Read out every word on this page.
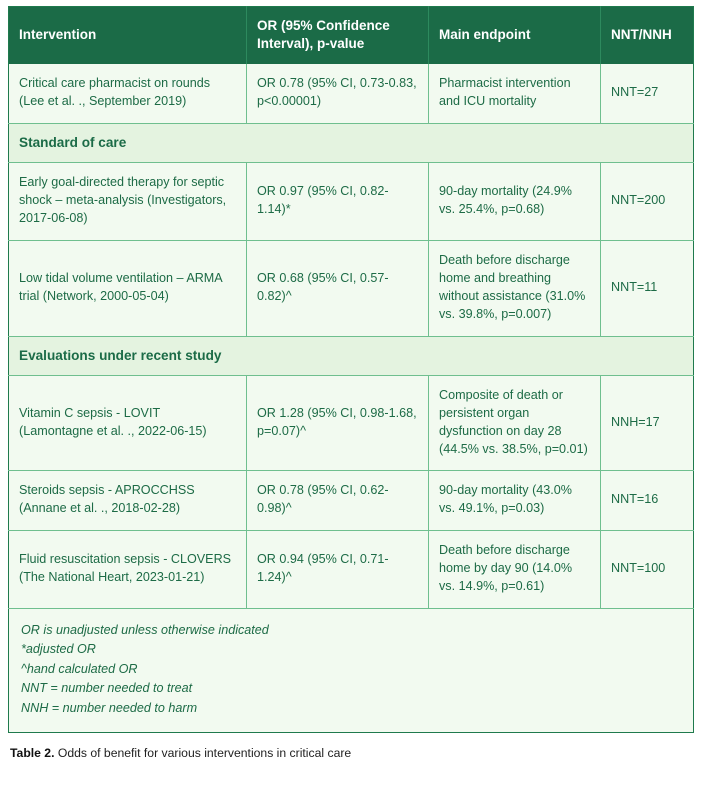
Intervention	OR (95% Confidence Interval), p-value	Main endpoint	NNT/NNH
Critical care pharmacist on rounds (Lee et al. ., September 2019)	OR 0.78 (95% CI, 0.73-0.83, p<0.00001)	Pharmacist intervention and ICU mortality	NNT=27
Standard of care			
Early goal-directed therapy for septic shock – meta-analysis (Investigators, 2017-06-08)	OR 0.97 (95% CI, 0.82-1.14)*	90-day mortality (24.9% vs. 25.4%, p=0.68)	NNT=200
Low tidal volume ventilation – ARMA trial (Network, 2000-05-04)	OR 0.68 (95% CI, 0.57-0.82)^	Death before discharge home and breathing without assistance (31.0% vs. 39.8%, p=0.007)	NNT=11
Evaluations under recent study			
Vitamin C sepsis - LOVIT (Lamontagne et al. ., 2022-06-15)	OR 1.28 (95% CI, 0.98-1.68, p=0.07)^	Composite of death or persistent organ dysfunction on day 28 (44.5% vs. 38.5%, p=0.01)	NNH=17
Steroids sepsis - APROCCHSS (Annane et al. ., 2018-02-28)	OR 0.78 (95% CI, 0.62-0.98)^	90-day mortality (43.0% vs. 49.1%, p=0.03)	NNT=16
Fluid resuscitation sepsis - CLOVERS (The National Heart, 2023-01-21)	OR 0.94 (95% CI, 0.71-1.24)^	Death before discharge home by day 90 (14.0% vs. 14.9%, p=0.61)	NNT=100

OR is unadjusted unless otherwise indicated
*adjusted OR
^hand calculated OR
NNT = number needed to treat
NNH = number needed to harm			
Table 2. Odds of benefit for various interventions in critical care
